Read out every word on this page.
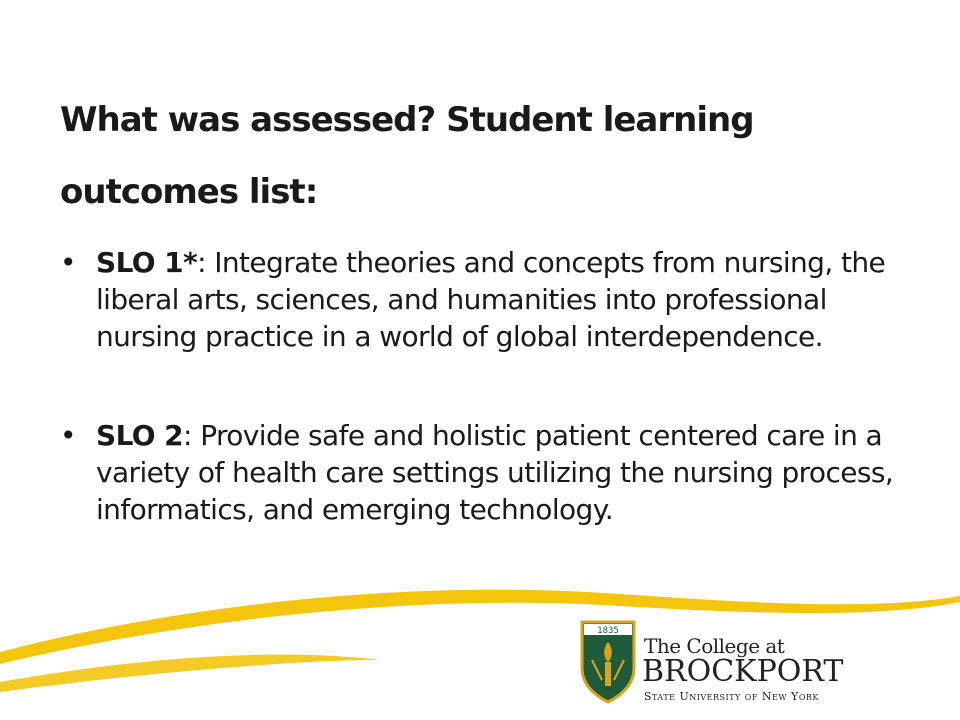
What was assessed? Student learning outcomes list:
• SLO 1*: Integrate theories and concepts from nursing, the liberal arts, sciences, and humanities into professional nursing practice in a world of global interdependence.
• SLO 2: Provide safe and holistic patient centered care in a variety of health care settings utilizing the nursing process, informatics, and emerging technology.
1835
The College at
BROCKPORT
State University of New York
